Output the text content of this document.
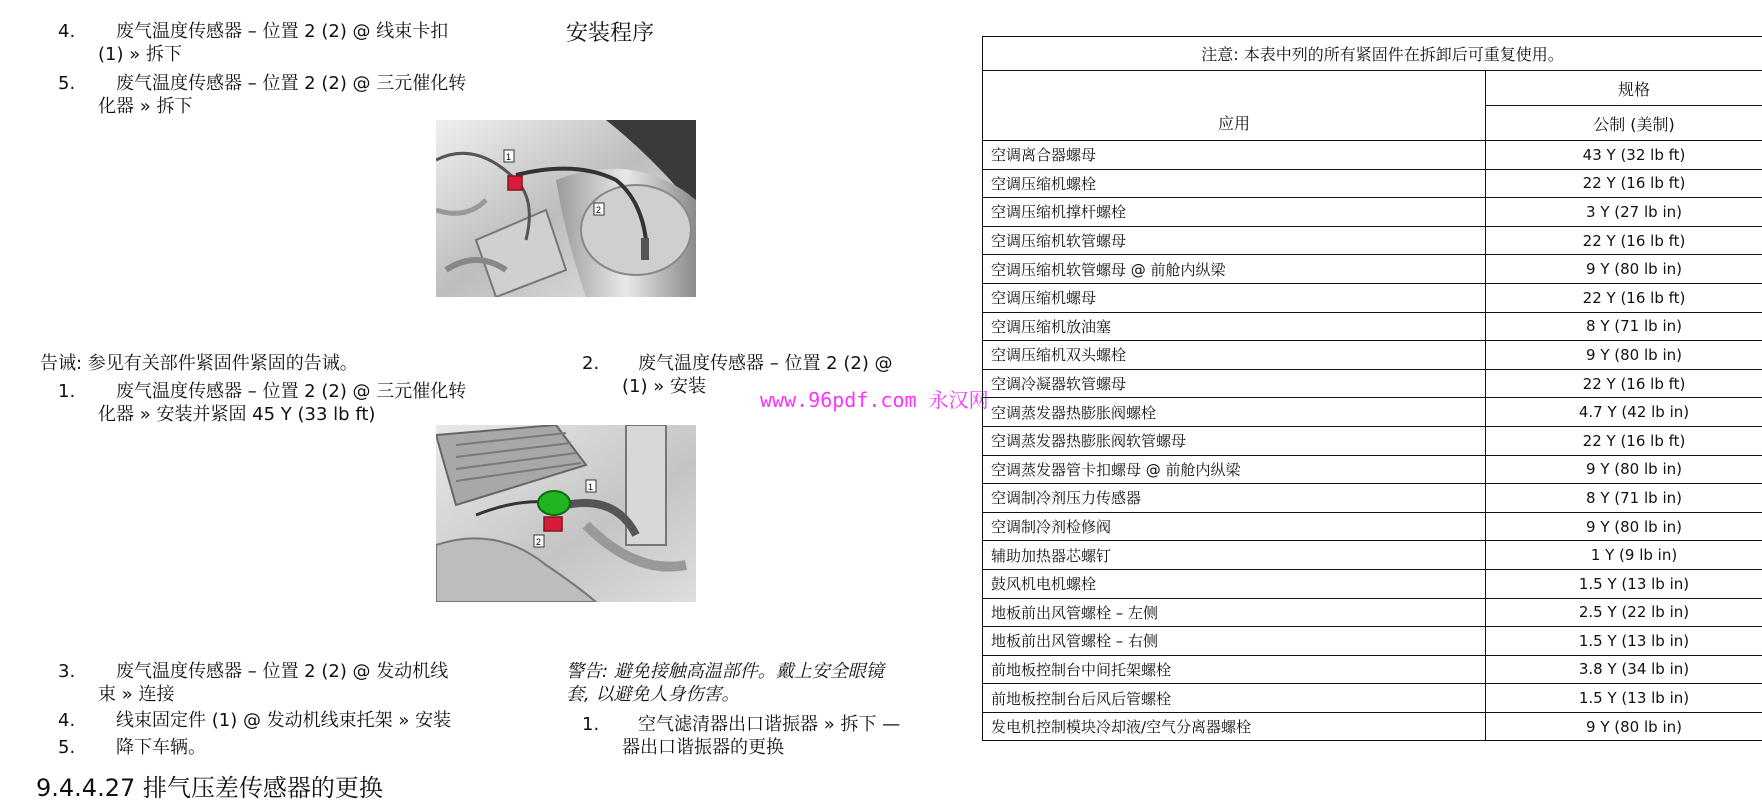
4. 废气温度传感器 – 位置 2 (2) @ 线束卡扣
(1) » 拆下
5. 废气温度传感器 – 位置 2 (2) @ 三元催化转
化器 » 拆下
安装程序
1
2
告诫: 参见有关部件紧固件紧固的告诫。
1. 废气温度传感器 – 位置 2 (2) @ 三元催化转
化器 » 安装并紧固 45 Y (33 lb ft)
2. 废气温度传感器 – 位置 2 (2) @
(1) » 安装
www.96pdf.com 永汉网
1
2
3. 废气温度传感器 – 位置 2 (2) @ 发动机线
束 » 连接
4. 线束固定件 (1) @ 发动机线束托架 » 安装
5. 降下车辆。
警告: 避免接触高温部件。戴上安全眼镜
套, 以避免人身伤害。
1. 空气滤清器出口谐振器 » 拆下 —
器出口谐振器的更换
9.4.4.27 排气压差传感器的更换
注意: 本表中列的所有紧固件在拆卸后可重复使用。	
应用	规格
	公制 (美制)
空调离合器螺母	43 Y (32 lb ft)
空调压缩机螺栓	22 Y (16 lb ft)
空调压缩机撑杆螺栓	3 Y (27 lb in)
空调压缩机软管螺母	22 Y (16 lb ft)
空调压缩机软管螺母 @ 前舱内纵梁	9 Y (80 lb in)
空调压缩机螺母	22 Y (16 lb ft)
空调压缩机放油塞	8 Y (71 lb in)
空调压缩机双头螺栓	9 Y (80 lb in)
空调冷凝器软管螺母	22 Y (16 lb ft)
空调蒸发器热膨胀阀螺栓	4.7 Y (42 lb in)
空调蒸发器热膨胀阀软管螺母	22 Y (16 lb ft)
空调蒸发器管卡扣螺母 @ 前舱内纵梁	9 Y (80 lb in)
空调制冷剂压力传感器	8 Y (71 lb in)
空调制冷剂检修阀	9 Y (80 lb in)
辅助加热器芯螺钉	1 Y (9 lb in)
鼓风机电机螺栓	1.5 Y (13 lb in)
地板前出风管螺栓 – 左侧	2.5 Y (22 lb in)
地板前出风管螺栓 – 右侧	1.5 Y (13 lb in)
前地板控制台中间托架螺栓	3.8 Y (34 lb in)
前地板控制台后风后管螺栓	1.5 Y (13 lb in)
发电机控制模块冷却液/空气分离器螺栓	9 Y (80 lb in)
